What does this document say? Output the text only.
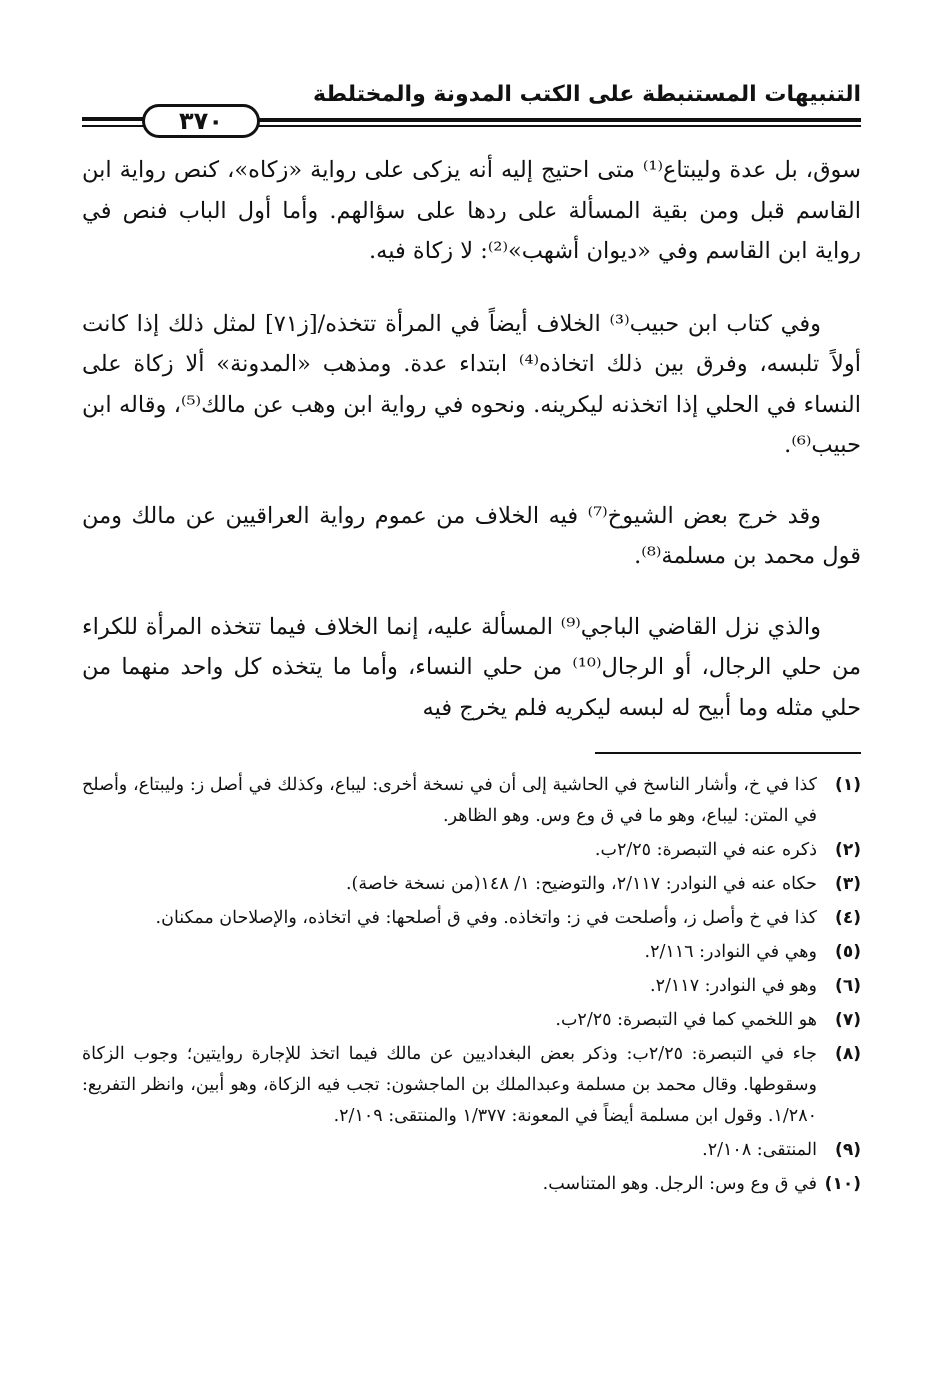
التنبيهات المستنبطة على الكتب المدونة والمختلطة
٣٧٠

سوق، بل عدة وليبتاع⁽¹⁾ متى احتيج إليه أنه يزكى على رواية «زكاه»، كنص رواية ابن القاسم قبل ومن بقية المسألة على ردها على سؤالهم. وأما أول الباب فنص في رواية ابن القاسم وفي «ديوان أشهب»⁽²⁾: لا زكاة فيه.

وفي كتاب ابن حبيب⁽³⁾ الخلاف أيضاً في المرأة تتخذه/[ز٧١] لمثل ذلك إذا كانت أولاً تلبسه، وفرق بين ذلك اتخاذه⁽⁴⁾ ابتداء عدة. ومذهب «المدونة» ألا زكاة على النساء في الحلي إذا اتخذنه ليكرينه. ونحوه في رواية ابن وهب عن مالك⁽⁵⁾، وقاله ابن حبيب⁽⁶⁾.

وقد خرج بعض الشيوخ⁽⁷⁾ فيه الخلاف من عموم رواية العراقيين عن مالك ومن قول محمد بن مسلمة⁽⁸⁾.

والذي نزل القاضي الباجي⁽⁹⁾ المسألة عليه، إنما الخلاف فيما تتخذه المرأة للكراء من حلي الرجال، أو الرجال⁽¹⁰⁾ من حلي النساء، وأما ما يتخذه كل واحد منهما من حلي مثله وما أبيح له لبسه ليكريه فلم يخرج فيه

(١)
كذا في خ، وأشار الناسخ في الحاشية إلى أن في نسخة أخرى: ليباع، وكذلك في أصل ز: وليبتاع، وأصلح في المتن: ليباع، وهو ما في ق وع وس. وهو الظاهر.
(٢)
ذكره عنه في التبصرة: ٢/٢٥ب.
(٣)
حكاه عنه في النوادر: ٢/١١٧، والتوضيح: ١/ ١٤٨(من نسخة خاصة).
(٤)
كذا في خ وأصل ز، وأصلحت في ز: واتخاذه. وفي ق أصلحها: في اتخاذه، والإصلاحان ممكنان.
(٥)
وهي في النوادر: ٢/١١٦.
(٦)
وهو في النوادر: ٢/١١٧.
(٧)
هو اللخمي كما في التبصرة: ٢/٢٥ب.
(٨)
جاء في التبصرة: ٢/٢٥ب: وذكر بعض البغداديين عن مالك فيما اتخذ للإجارة روايتين؛ وجوب الزكاة وسقوطها. وقال محمد بن مسلمة وعبدالملك بن الماجشون: تجب فيه الزكاة، وهو أبين، وانظر التفريع: ١/٢٨٠. وقول ابن مسلمة أيضاً في المعونة: ١/٣٧٧ والمنتقى: ٢/١٠٩.
(٩)
المنتقى: ٢/١٠٨.
(١٠)
في ق وع وس: الرجل. وهو المتناسب.
